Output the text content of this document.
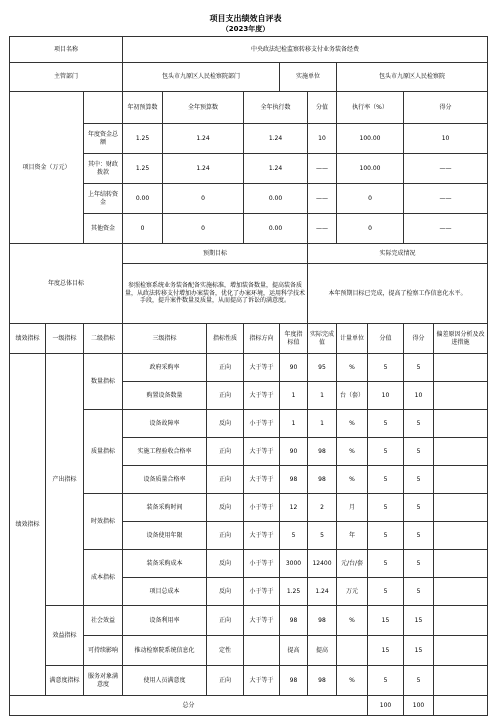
项目支出绩效自评表
（2023年度）
项目名称			中央政法纪检监察转移支付业务装备经费									
主管部门			包头市九原区人民检察院部门				实施单位		包头市九原区人民检察院			
项目资金（万元）			年初预算数	全年预算数		全年执行数		分值	执行率（%）		得分	
		年度资金总额	1.25	1.24		1.24		10	100.00		10	
		其中：财政拨款	1.25	1.24		1.24		——	100.00		——	
		上年结转资金	0.00	0		0.00		——	0		——	
		其他资金	0	0		0.00		——	0		——	
年度总体目标			预期目标					实际完成情况				
			参照检察系统业务装备配备实施标准，增加装备数量，提高装备质量，从政法转移支付增加办案装备，优化了办案环境，运用科学技术手段，提升案件数量及质量，从而提高了诉讼的满意度。					本年预期目标已完成，提高了检察工作信息化水平。				
绩效指标	一级指标	二级指标	三级指标		指标性质	指标方向	年度指标值	实际完成值	计量单位	分值	得分	偏差原因分析及改进措施
绩效指标	产出指标	数量指标	政府采购率		正向	大于等于	90	95	%	5	5	
			购置设备数量		正向	大于等于	1	1	台（套）	10	10	
		质量指标	设备故障率		反向	小于等于	1	1	%	5	5	
			实施工程验收合格率		正向	大于等于	90	98	%	5	5	
			设备质量合格率		正向	大于等于	98	98	%	5	5	
		时效指标	装备采购时间		反向	小于等于	12	2	月	5	5	
			设备使用年限		正向	大于等于	5	5	年	5	5	
		成本指标	装备采购成本		反向	小于等于	3000	12400	元/台/套	5	5	
			项目总成本		反向	小于等于	1.25	1.24	万元	5	5	
	效益指标	社会效益	设备利用率		正向	大于等于	98	98	%	15	15	
		可持续影响	推动检察院系统信息化		定性		提高	提高		15	15	
	满意度指标	服务对象满意度	使用人员满意度		正向	大于等于	98	98	%	5	5	
总分										100	100	
